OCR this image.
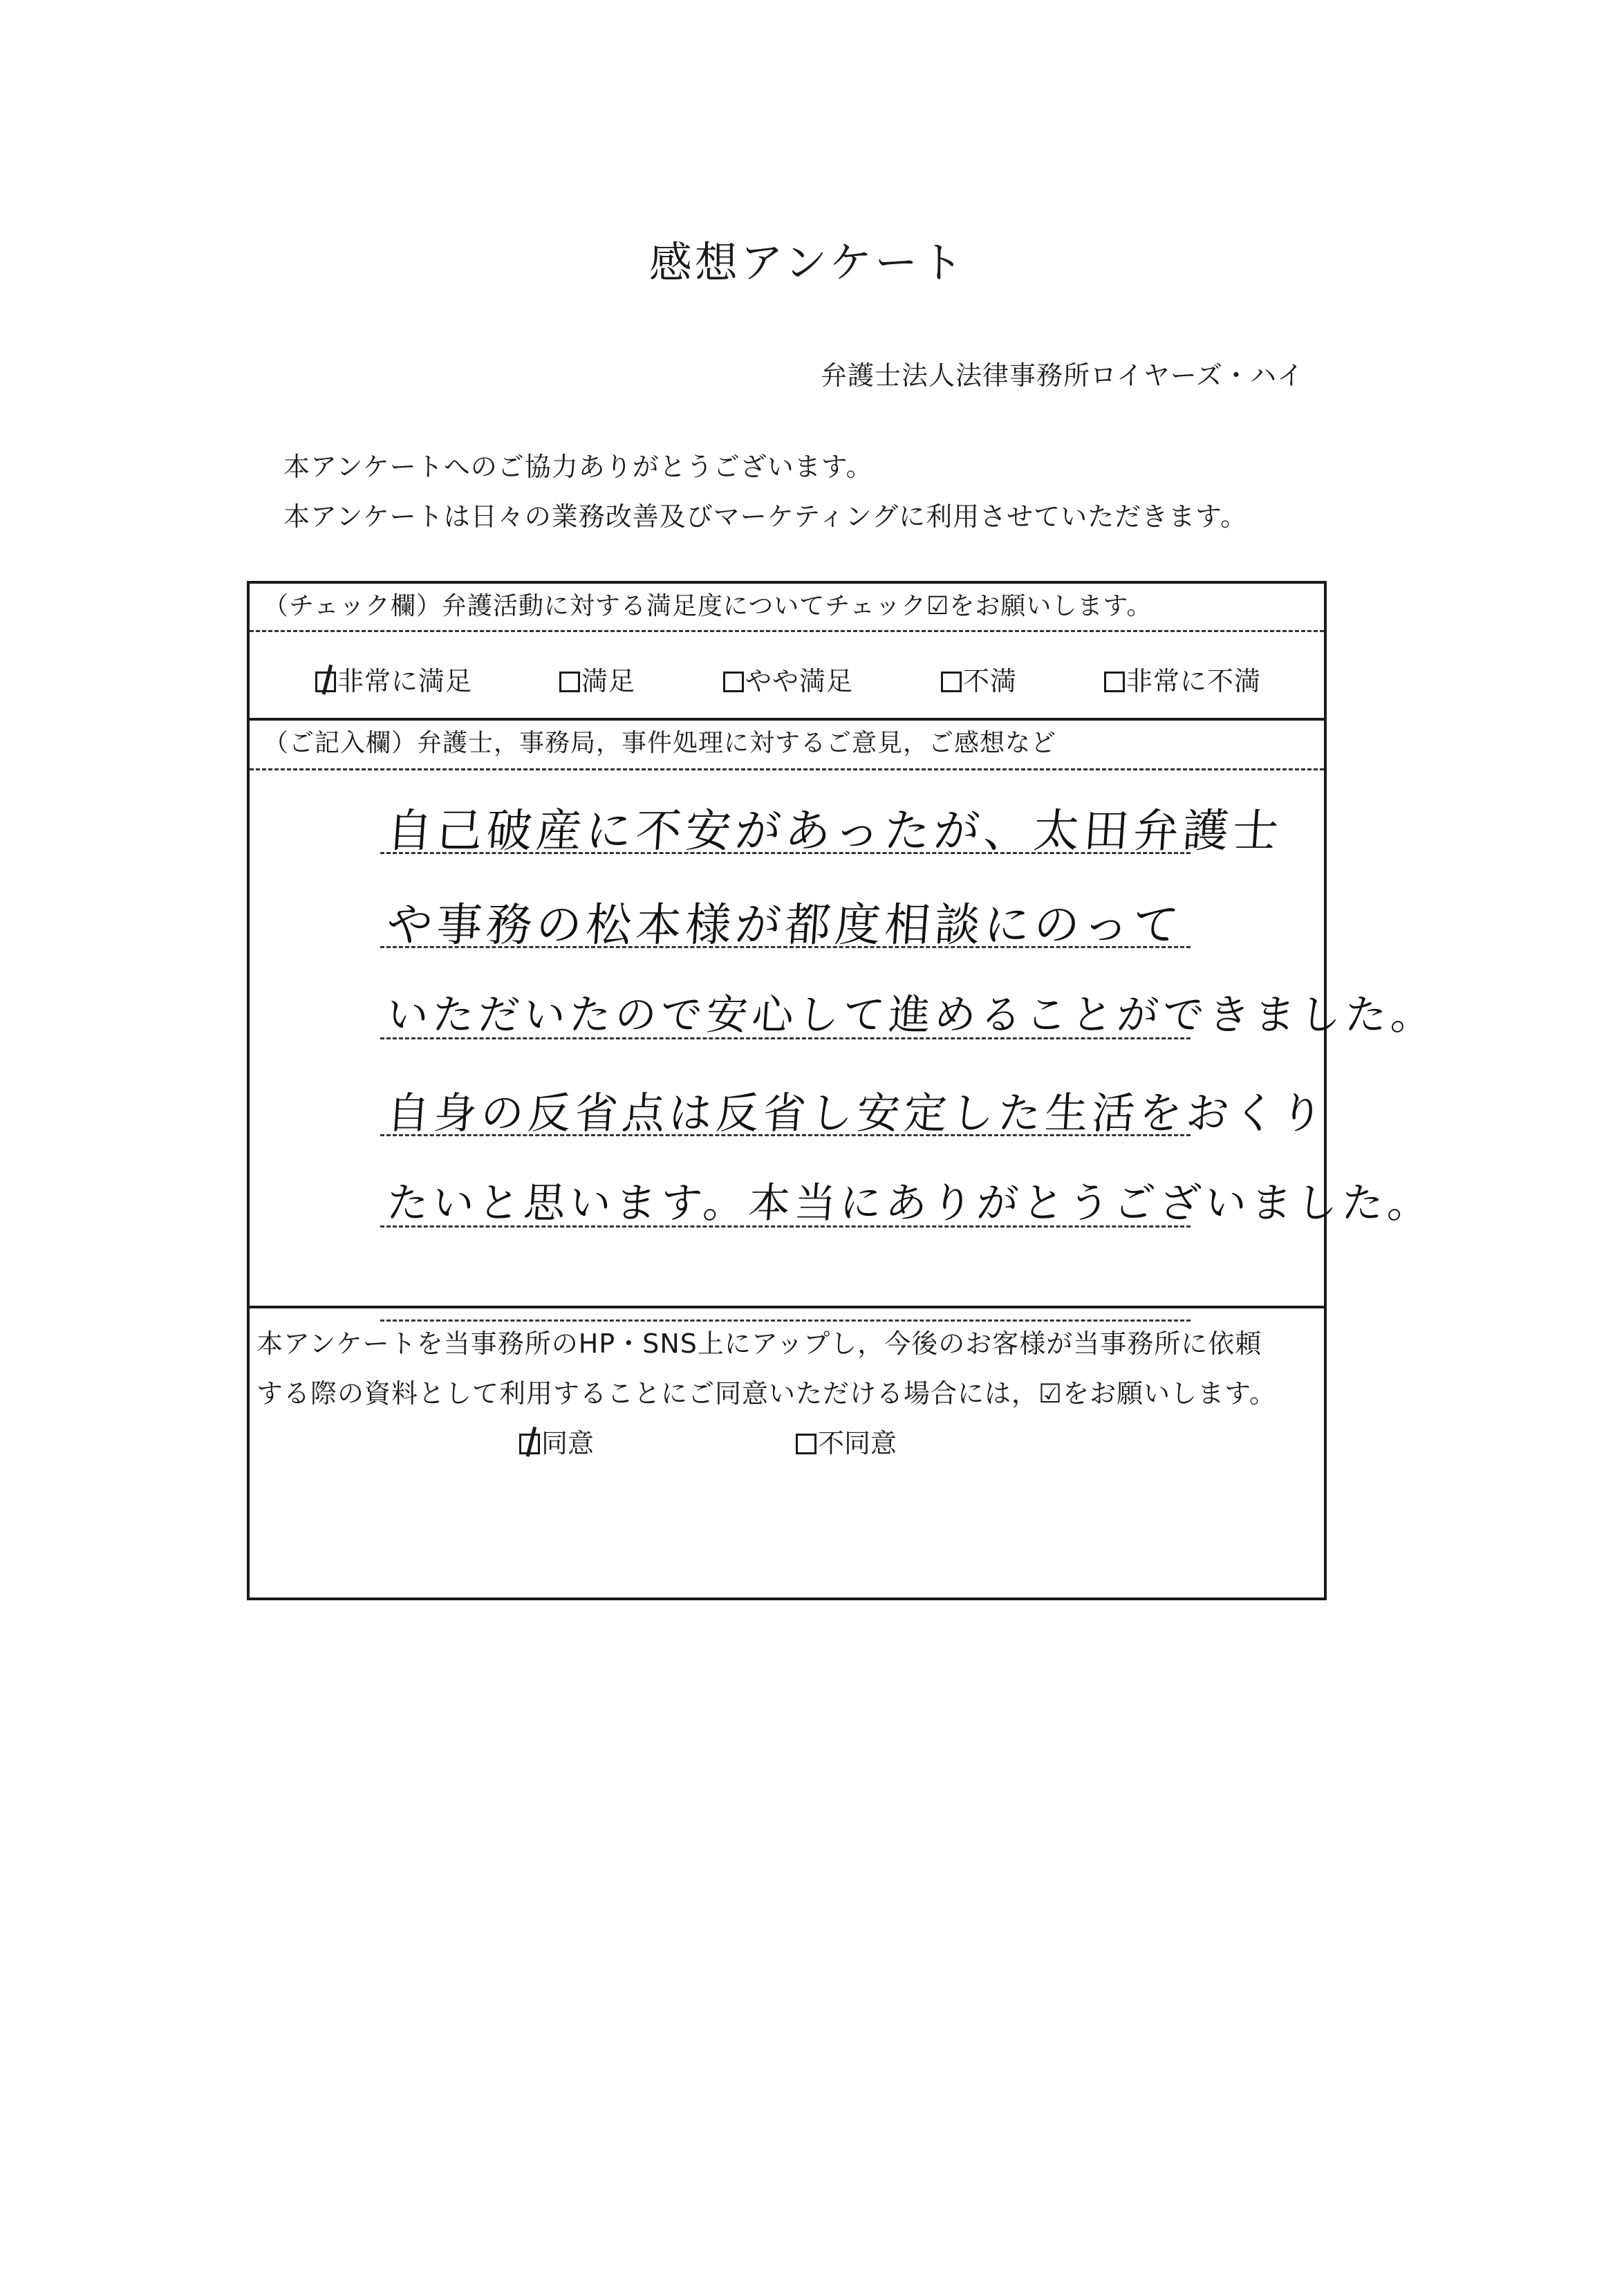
感想アンケート
弁護士法人法律事務所ロイヤーズ・ハイ
本アンケートへのご協力ありがとうございます。
本アンケートは日々の業務改善及びマーケティングに利用させていただきます。
（チェック欄）弁護活動に対する満足度についてチェック☑をお願いします。
非常に満足	満足	やや満足	不満	非常に不満
（ご記入欄）弁護士，事務局，事件処理に対するご意見，ご感想など
本アンケートを当事務所のHP・SNS上にアップし，今後のお客様が当事務所に依頼
する際の資料として利用することにご同意いただける場合には，☑をお願いします。
同意	不同意
自己破産に不安があったが、太田弁護士
や事務の松本様が都度相談にのって
いただいたので安心して進めることができました。
自身の反省点は反省し安定した生活をおくり
たいと思います。本当にありがとうございました。
